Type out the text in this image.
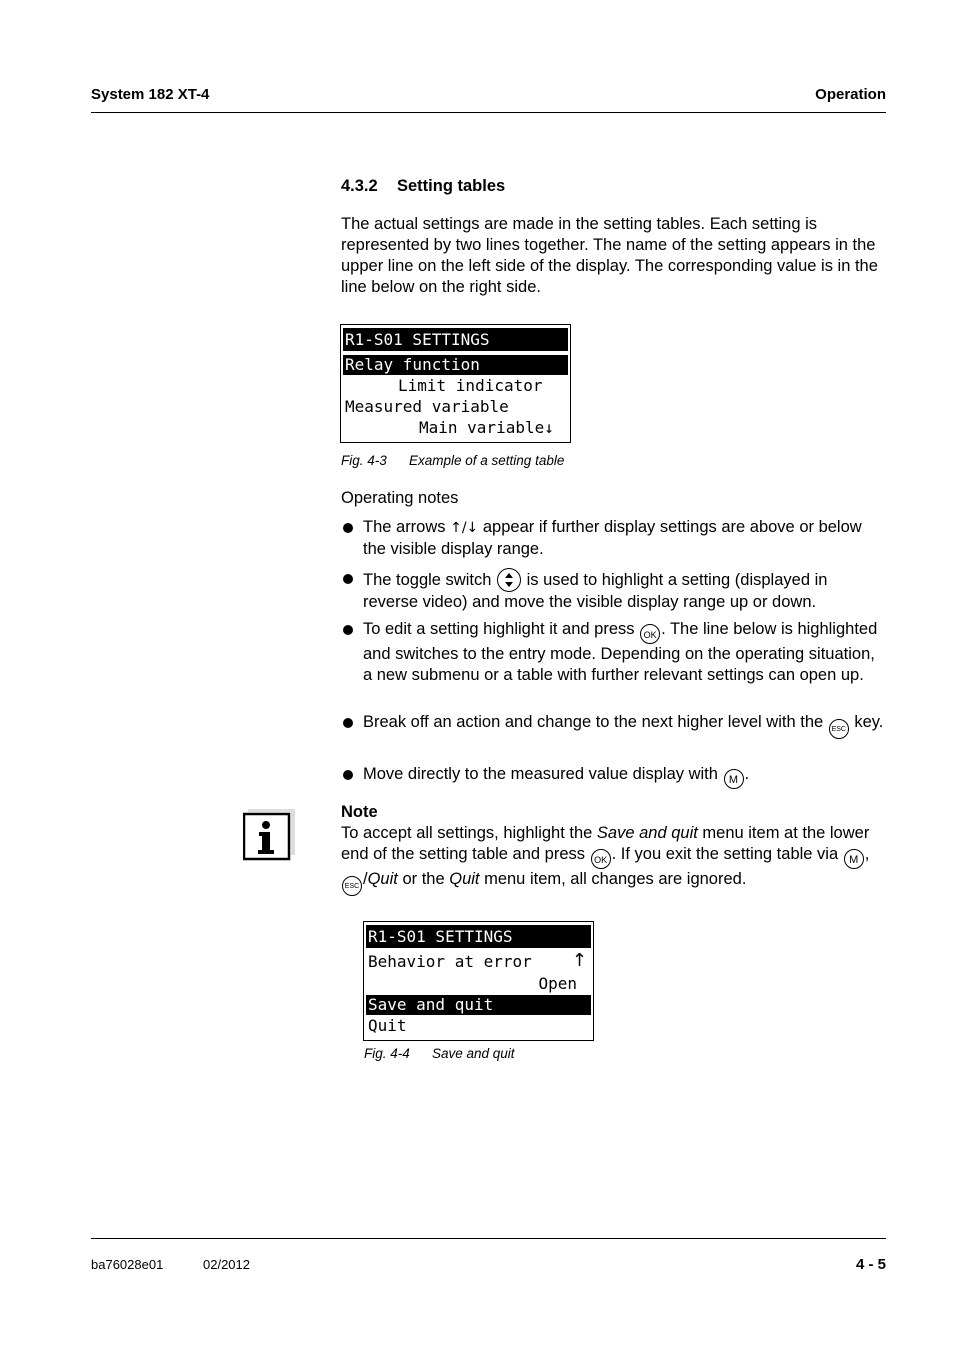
System 182 XT-4	Operation
4.3.2 Setting tables
The actual settings are made in the setting tables. Each setting is represented by two lines together. The name of the setting appears in the upper line on the left side of the display. The corresponding value is in the line below on the right side.
R1-S01 SETTINGS
Relay function
Limit indicator
Measured variable
Main variable↓
Fig. 4-3 Example of a setting table
Operating notes
The arrows ↑/↓ appear if further display settings are above or below the visible display range.
The toggle switch
is used to highlight a setting (displayed in reverse video) and move the visible display range up or down.
To edit a setting highlight it and press OK . The line below is highlighted and switches to the entry mode. Depending on the operating situation, a new submenu or a table with further relevant settings can open up.
Break off an action and change to the next higher level with the ESC key.
Move directly to the measured value display with M .
Note
To accept all settings, highlight the Save and quit menu item at the lower end of the setting table and press OK . If you exit the setting table via M , ESC /Quit or the Quit menu item, all changes are ignored.
R1-S01 SETTINGS
Behavior at error	↑
Open
Save and quit
Quit
Fig. 4-4 Save and quit
ba76028e01	02/2012	4 - 5
